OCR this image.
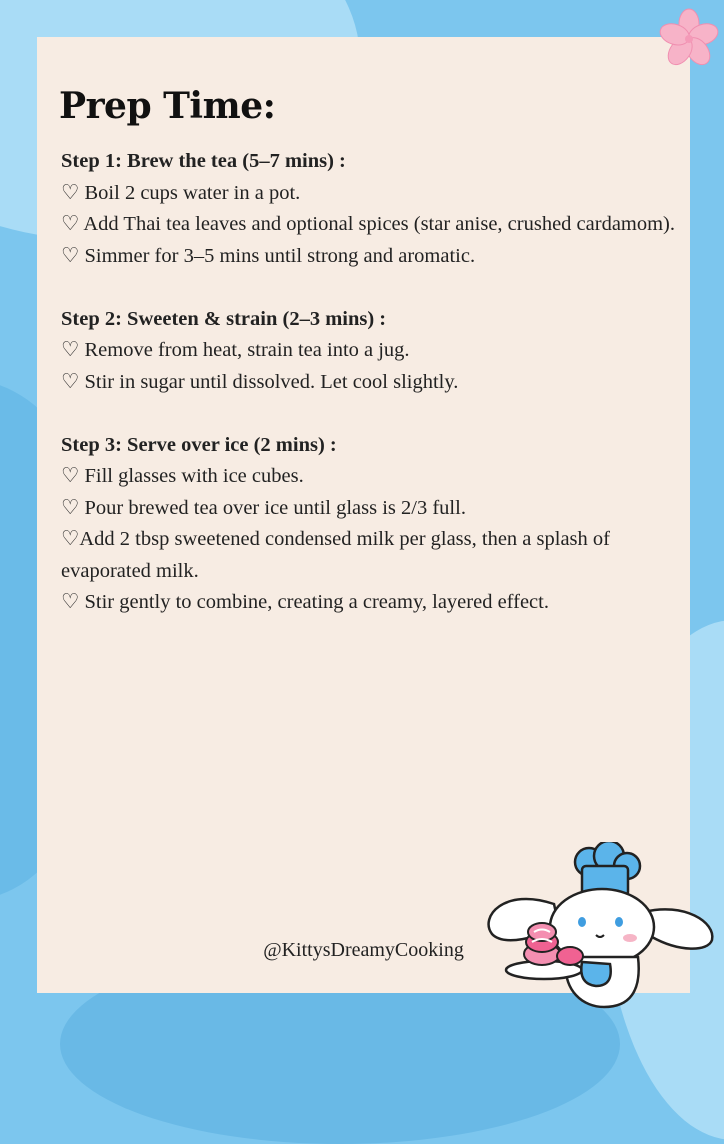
Prep Time:
Step 1: Brew the tea (5–7 mins) :
♡ Boil 2 cups water in a pot.
♡ Add Thai tea leaves and optional spices (star anise, crushed cardamom).
♡ Simmer for 3–5 mins until strong and aromatic.
Step 2: Sweeten & strain (2–3 mins) :
♡ Remove from heat, strain tea into a jug.
♡ Stir in sugar until dissolved. Let cool slightly.
Step 3: Serve over ice (2 mins) :
♡ Fill glasses with ice cubes.
♡ Pour brewed tea over ice until glass is 2/3 full.
♡Add 2 tbsp sweetened condensed milk per glass, then a splash of evaporated milk.
♡ Stir gently to combine, creating a creamy, layered effect.
@KittysDreamyCooking
